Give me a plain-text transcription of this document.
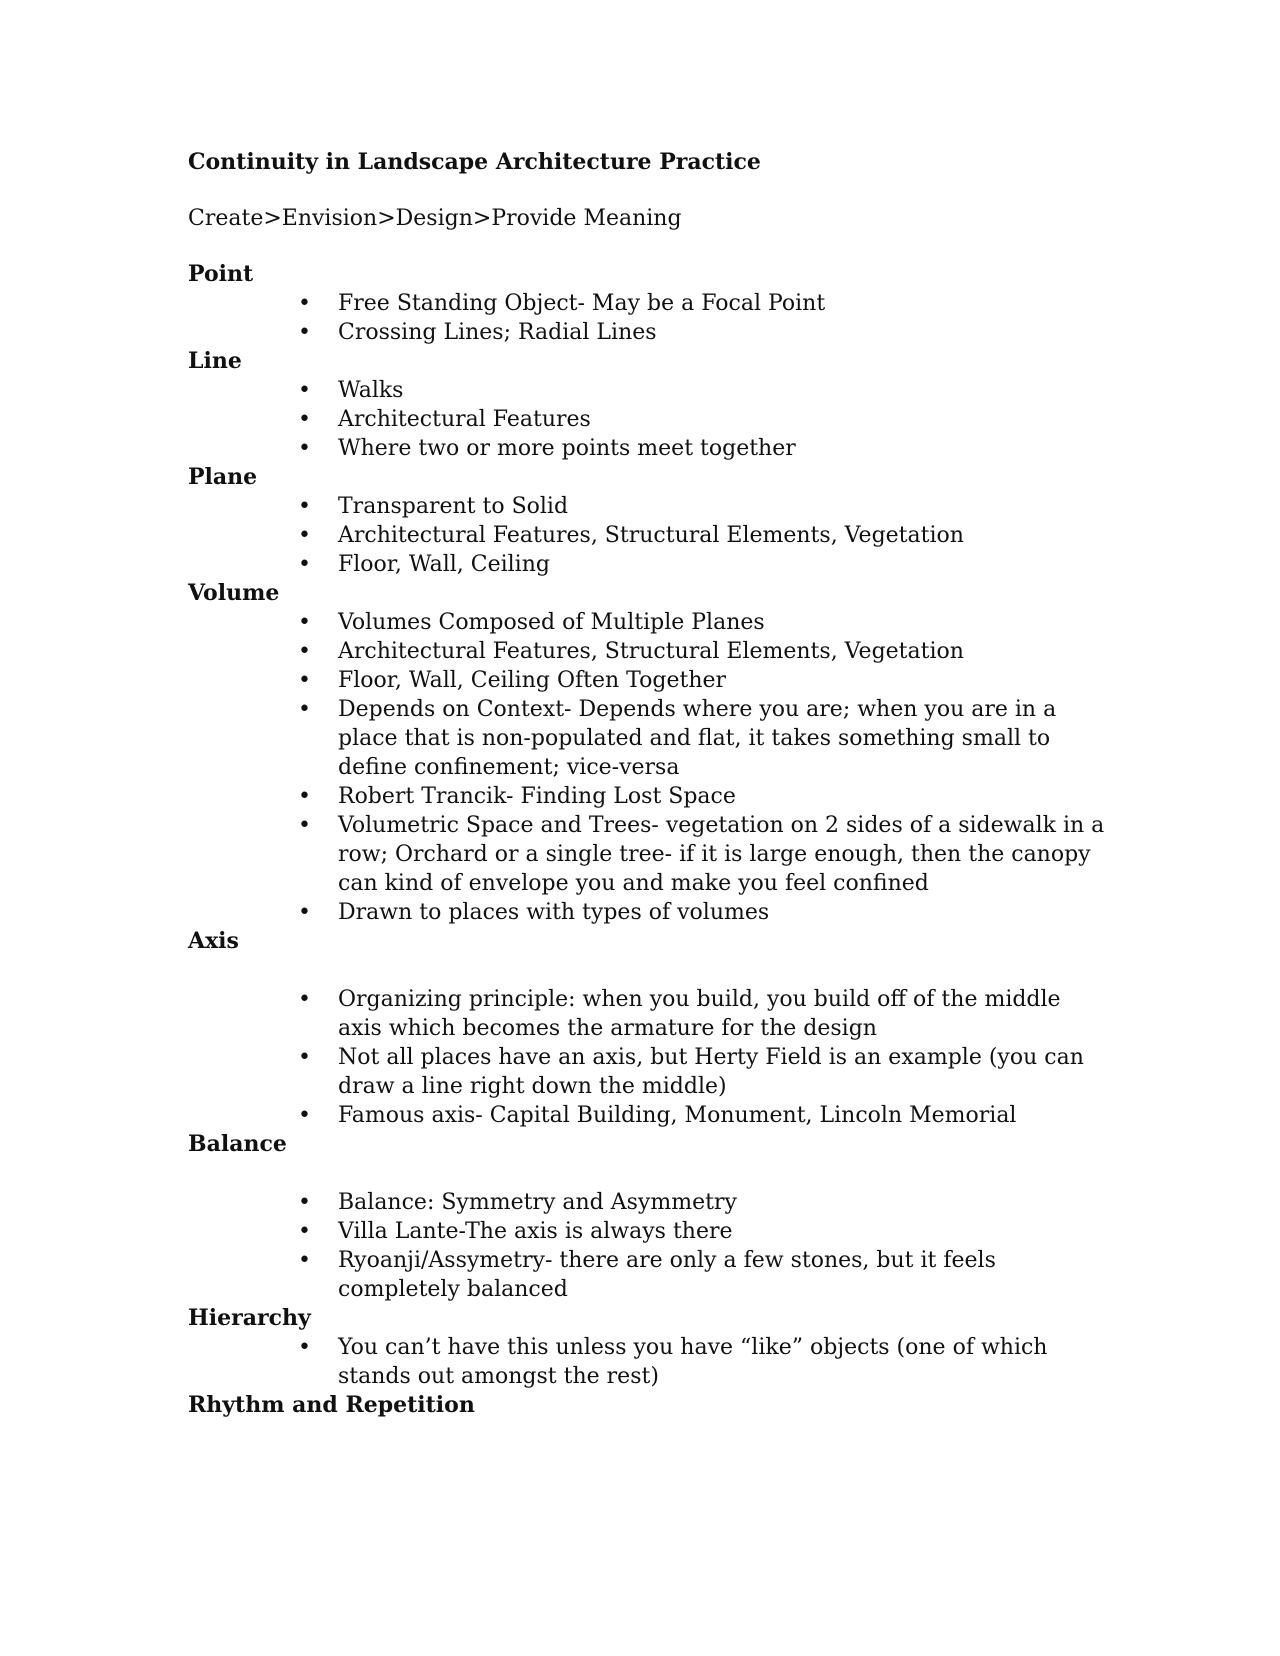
Continuity in Landscape Architecture Practice
Create>Envision>Design>Provide Meaning
Point
• Free Standing Object- May be a Focal Point
• Crossing Lines; Radial Lines
Line
• Walks
• Architectural Features
• Where two or more points meet together
Plane
• Transparent to Solid
• Architectural Features, Structural Elements, Vegetation
• Floor, Wall, Ceiling
Volume
• Volumes Composed of Multiple Planes
• Architectural Features, Structural Elements, Vegetation
• Floor, Wall, Ceiling Often Together
• Depends on Context- Depends where you are; when you are in a place that is non-populated and flat, it takes something small to define confinement; vice-versa
• Robert Trancik- Finding Lost Space
• Volumetric Space and Trees- vegetation on 2 sides of a sidewalk in a row; Orchard or a single tree- if it is large enough, then the canopy can kind of envelope you and make you feel confined
• Drawn to places with types of volumes
Axis
• Organizing principle: when you build, you build off of the middle axis which becomes the armature for the design
• Not all places have an axis, but Herty Field is an example (you can draw a line right down the middle)
• Famous axis- Capital Building, Monument, Lincoln Memorial
Balance
• Balance: Symmetry and Asymmetry
• Villa Lante-The axis is always there
• Ryoanji/Assymetry- there are only a few stones, but it feels completely balanced
Hierarchy
• You can’t have this unless you have “like” objects (one of which stands out amongst the rest)
Rhythm and Repetition
